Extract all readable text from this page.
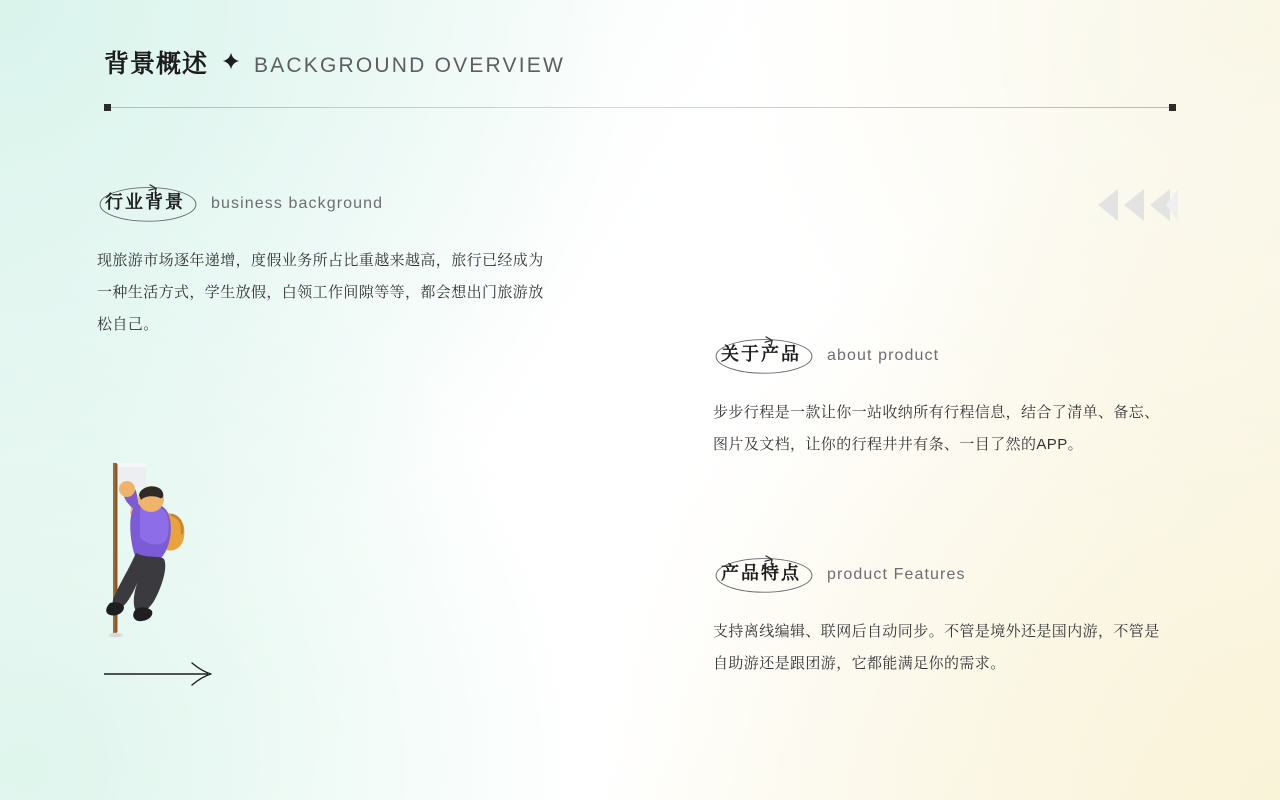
背景概述 BACKGROUND OVERVIEW
行业背景	business background
现旅游市场逐年递增，度假业务所占比重越来越高，旅行已经成为一种生活方式，学生放假，白领工作间隙等等，都会想出门旅游放松自己。
关于产品	about product
步步行程是一款让你一站收纳所有行程信息，结合了清单、备忘、图片及文档，让你的行程井井有条、一目了然的APP。
产品特点	product Features
支持离线编辑、联网后自动同步。不管是境外还是国内游，不管是自助游还是跟团游，它都能满足你的需求。
